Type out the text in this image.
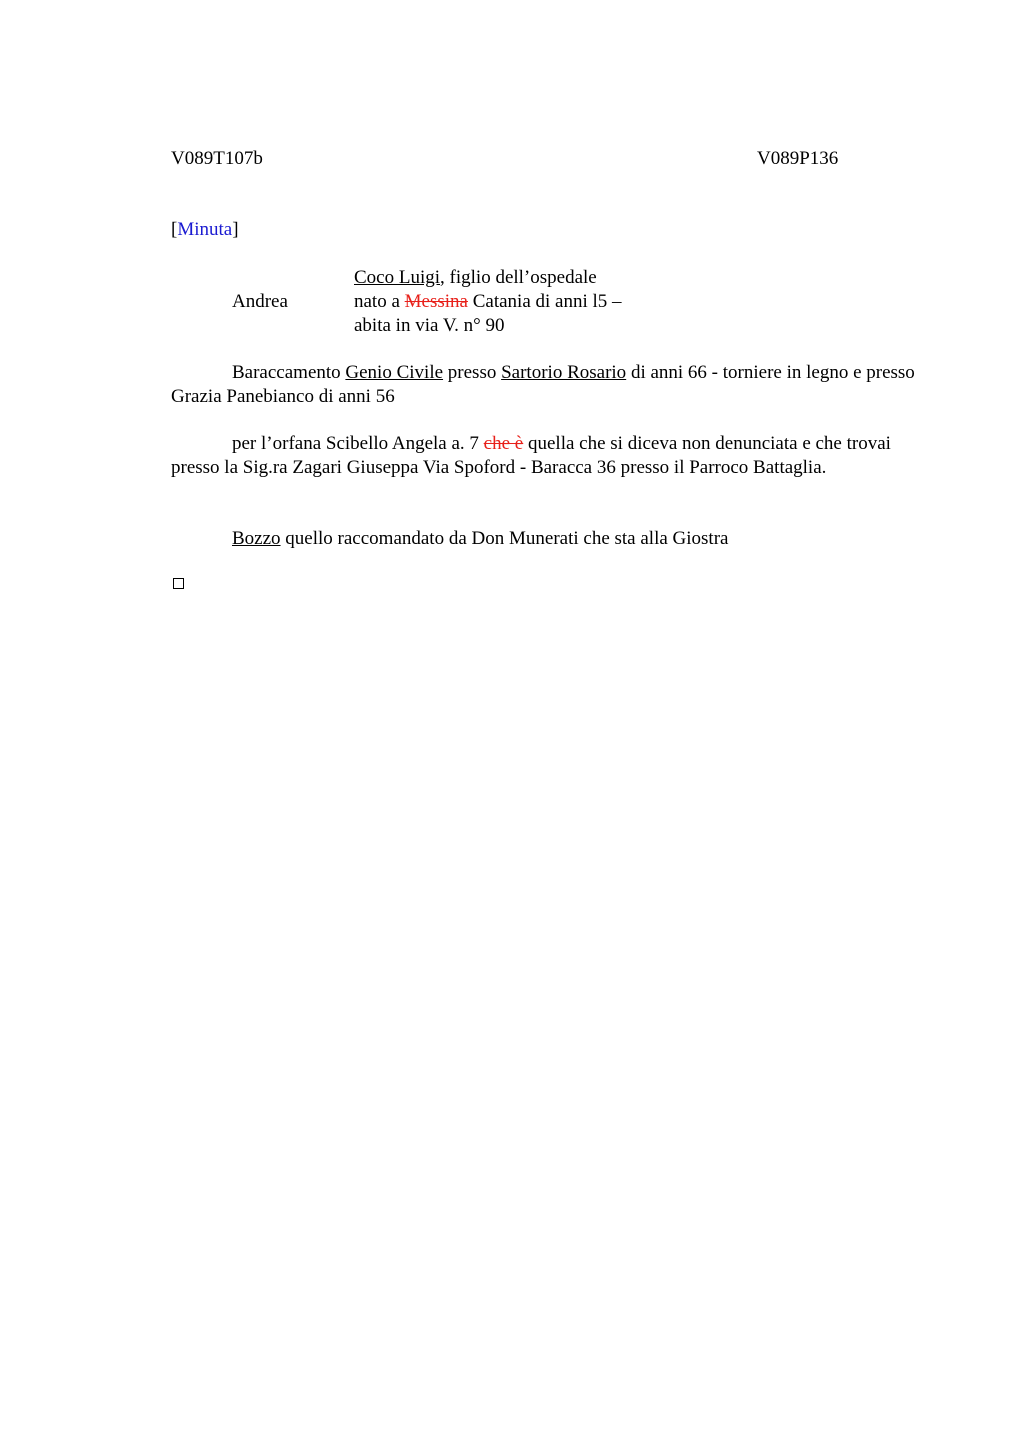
V089T107b	V089P136
[Minuta]
Andrea
Coco Luigi, figlio dell’ospedale
nato a Messina Catania di anni l5 –
abita in via V. n° 90
Baraccamento Genio Civile presso Sartorio Rosario di anni 66 - torniere in legno e presso Grazia Panebianco di anni 56
per l’orfana Scibello Angela a. 7 che è quella che si diceva non denunciata e che trovai presso la Sig.ra Zagari Giuseppa Via Spoford - Baracca 36 presso il Parroco Battaglia.
Bozzo quello raccomandato da Don Munerati che sta alla Giostra
